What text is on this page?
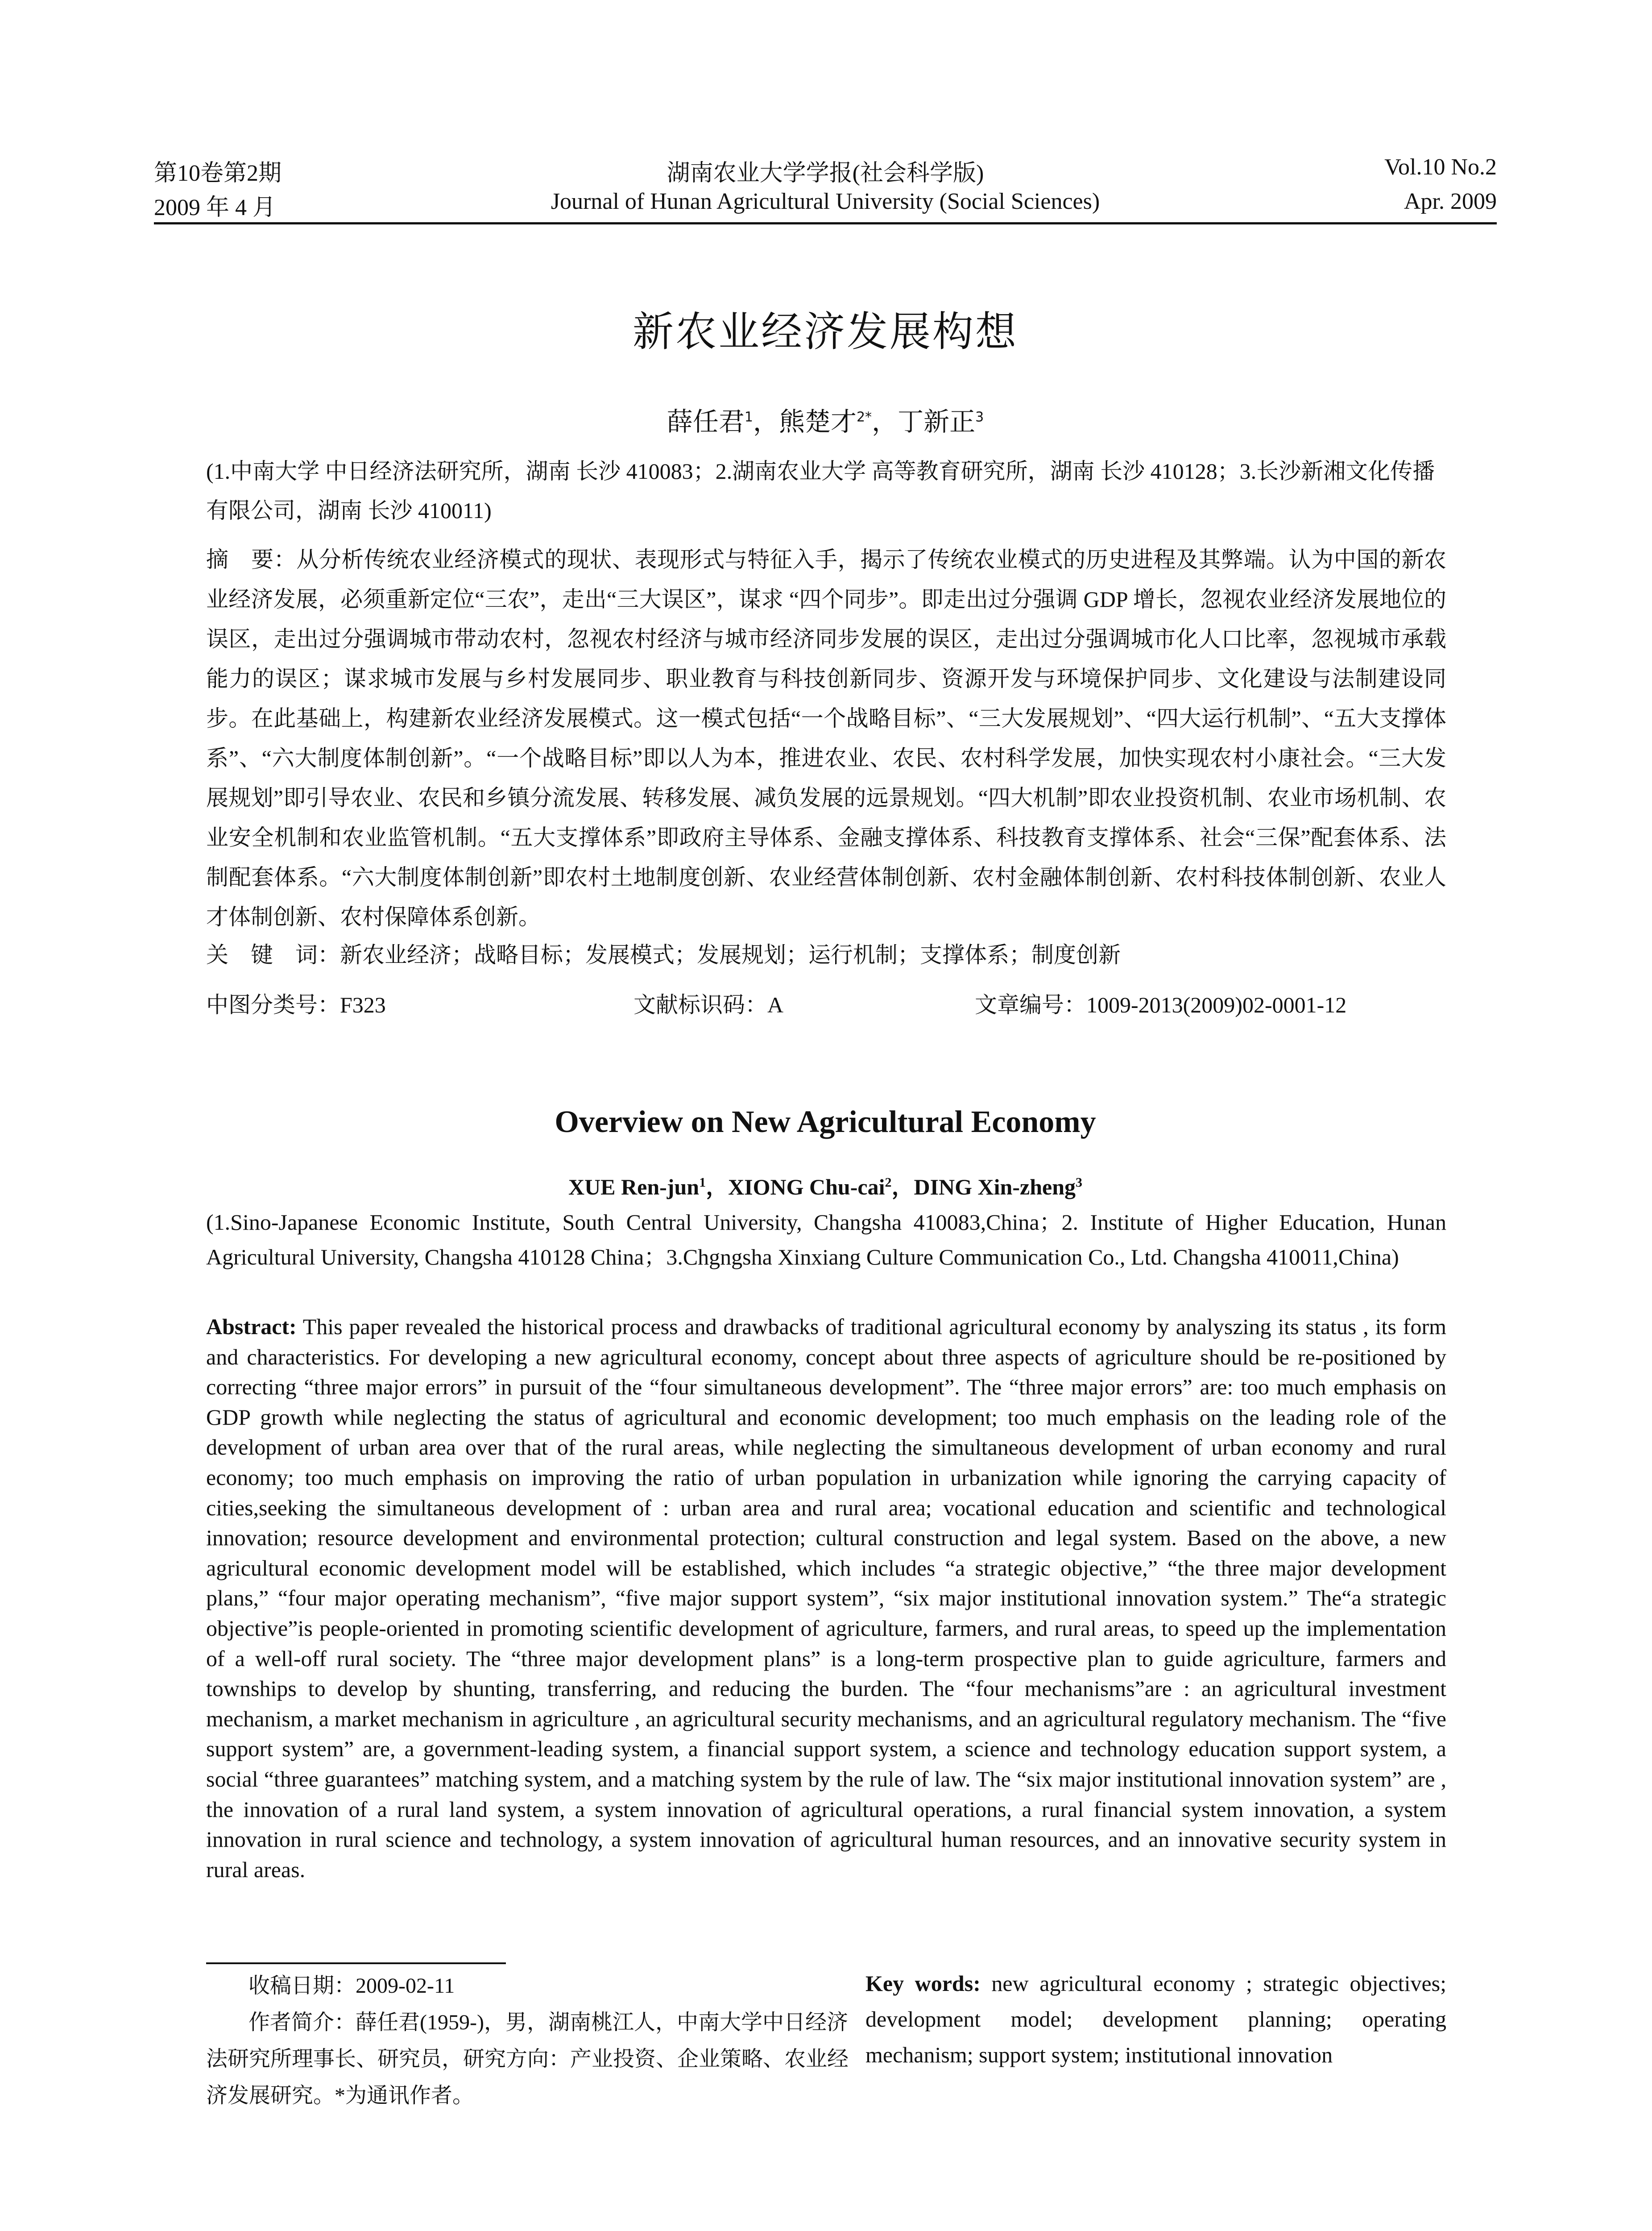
第10卷第2期	湖南农业大学学报(社会科学版)	Vol.10 No.2
2009 年 4 月	Journal of Hunan Agricultural University (Social Sciences)	Apr. 2009
新农业经济发展构想
薛任君$^1$，熊楚才$^{2*}$，丁新正$^3$
(1.中南大学 中日经济法研究所，湖南 长沙 410083；2.湖南农业大学 高等教育研究所，湖南 长沙 410128；3.长沙新湘文化传播有限公司，湖南 长沙 410011)
摘　要：从分析传统农业经济模式的现状、表现形式与特征入手，揭示了传统农业模式的历史进程及其弊端。认为中国的新农业经济发展，必须重新定位“三农”，走出“三大误区”，谋求 “四个同步”。即走出过分强调 GDP 增长，忽视农业经济发展地位的误区，走出过分强调城市带动农村，忽视农村经济与城市经济同步发展的误区，走出过分强调城市化人口比率，忽视城市承载能力的误区；谋求城市发展与乡村发展同步、职业教育与科技创新同步、资源开发与环境保护同步、文化建设与法制建设同步。在此基础上，构建新农业经济发展模式。这一模式包括“一个战略目标”、“三大发展规划”、“四大运行机制”、“五大支撑体系”、“六大制度体制创新”。“一个战略目标”即以人为本，推进农业、农民、农村科学发展，加快实现农村小康社会。“三大发展规划”即引导农业、农民和乡镇分流发展、转移发展、减负发展的远景规划。“四大机制”即农业投资机制、农业市场机制、农业安全机制和农业监管机制。“五大支撑体系”即政府主导体系、金融支撑体系、科技教育支撑体系、社会“三保”配套体系、法制配套体系。“六大制度体制创新”即农村土地制度创新、农业经营体制创新、农村金融体制创新、农村科技体制创新、农业人才体制创新、农村保障体系创新。
关　键　词：新农业经济；战略目标；发展模式；发展规划；运行机制；支撑体系；制度创新
中图分类号：F323	文献标识码：A	文章编号：1009-2013(2009)02-0001-12
Overview on New Agricultural Economy
XUE Ren-jun$^1$，XIONG Chu-cai$^2$，DING Xin-zheng$^3$
(1.Sino-Japanese Economic Institute, South Central University, Changsha 410083,China；2. Institute of Higher Education, Hunan Agricultural University, Changsha 410128 China；3.Chgngsha Xinxiang Culture Communication Co., Ltd. Changsha 410011,China)
Abstract: This paper revealed the historical process and drawbacks of traditional agricultural economy by analyszing its status , its form and characteristics. For developing a new agricultural economy, concept about three aspects of agriculture should be re-positioned by correcting “three major errors” in pursuit of the “four simultaneous development”. The “three major errors” are: too much emphasis on GDP growth while neglecting the status of agricultural and economic development; too much emphasis on the leading role of the development of urban area over that of the rural areas, while neglecting the simultaneous development of urban economy and rural economy; too much emphasis on improving the ratio of urban population in urbanization while ignoring the carrying capacity of cities,seeking the simultaneous development of : urban area and rural area; vocational education and scientific and technological innovation; resource development and environmental protection; cultural construction and legal system. Based on the above, a new agricultural economic development model will be established, which includes “a strategic objective,” “the three major development plans,” “four major operating mechanism”, “five major support system”, “six major institutional innovation system.” The“a strategic objective”is people-oriented in promoting scientific development of agriculture, farmers, and rural areas, to speed up the implementation of a well-off rural society. The “three major development plans” is a long-term prospective plan to guide agriculture, farmers and townships to develop by shunting, transferring, and reducing the burden. The “four mechanisms”are : an agricultural investment mechanism, a market mechanism in agriculture , an agricultural security mechanisms, and an agricultural regulatory mechanism. The “five support system” are, a government-leading system, a financial support system, a science and technology education support system, a social “three guarantees” matching system, and a matching system by the rule of law. The “six major institutional innovation system” are , the innovation of a rural land system, a system innovation of agricultural operations, a rural financial system innovation, a system innovation in rural science and technology, a system innovation of agricultural human resources, and an innovative security system in rural areas.

收稿日期：2009-02-11

作者简介：薛任君(1959-)，男，湖南桃江人，中南大学中日经济法研究所理事长、研究员，研究方向：产业投资、企业策略、农业经济发展研究。*为通讯作者。

Key words: new agricultural economy ; strategic objectives; development model; development planning; operating mechanism; support system; institutional innovation
